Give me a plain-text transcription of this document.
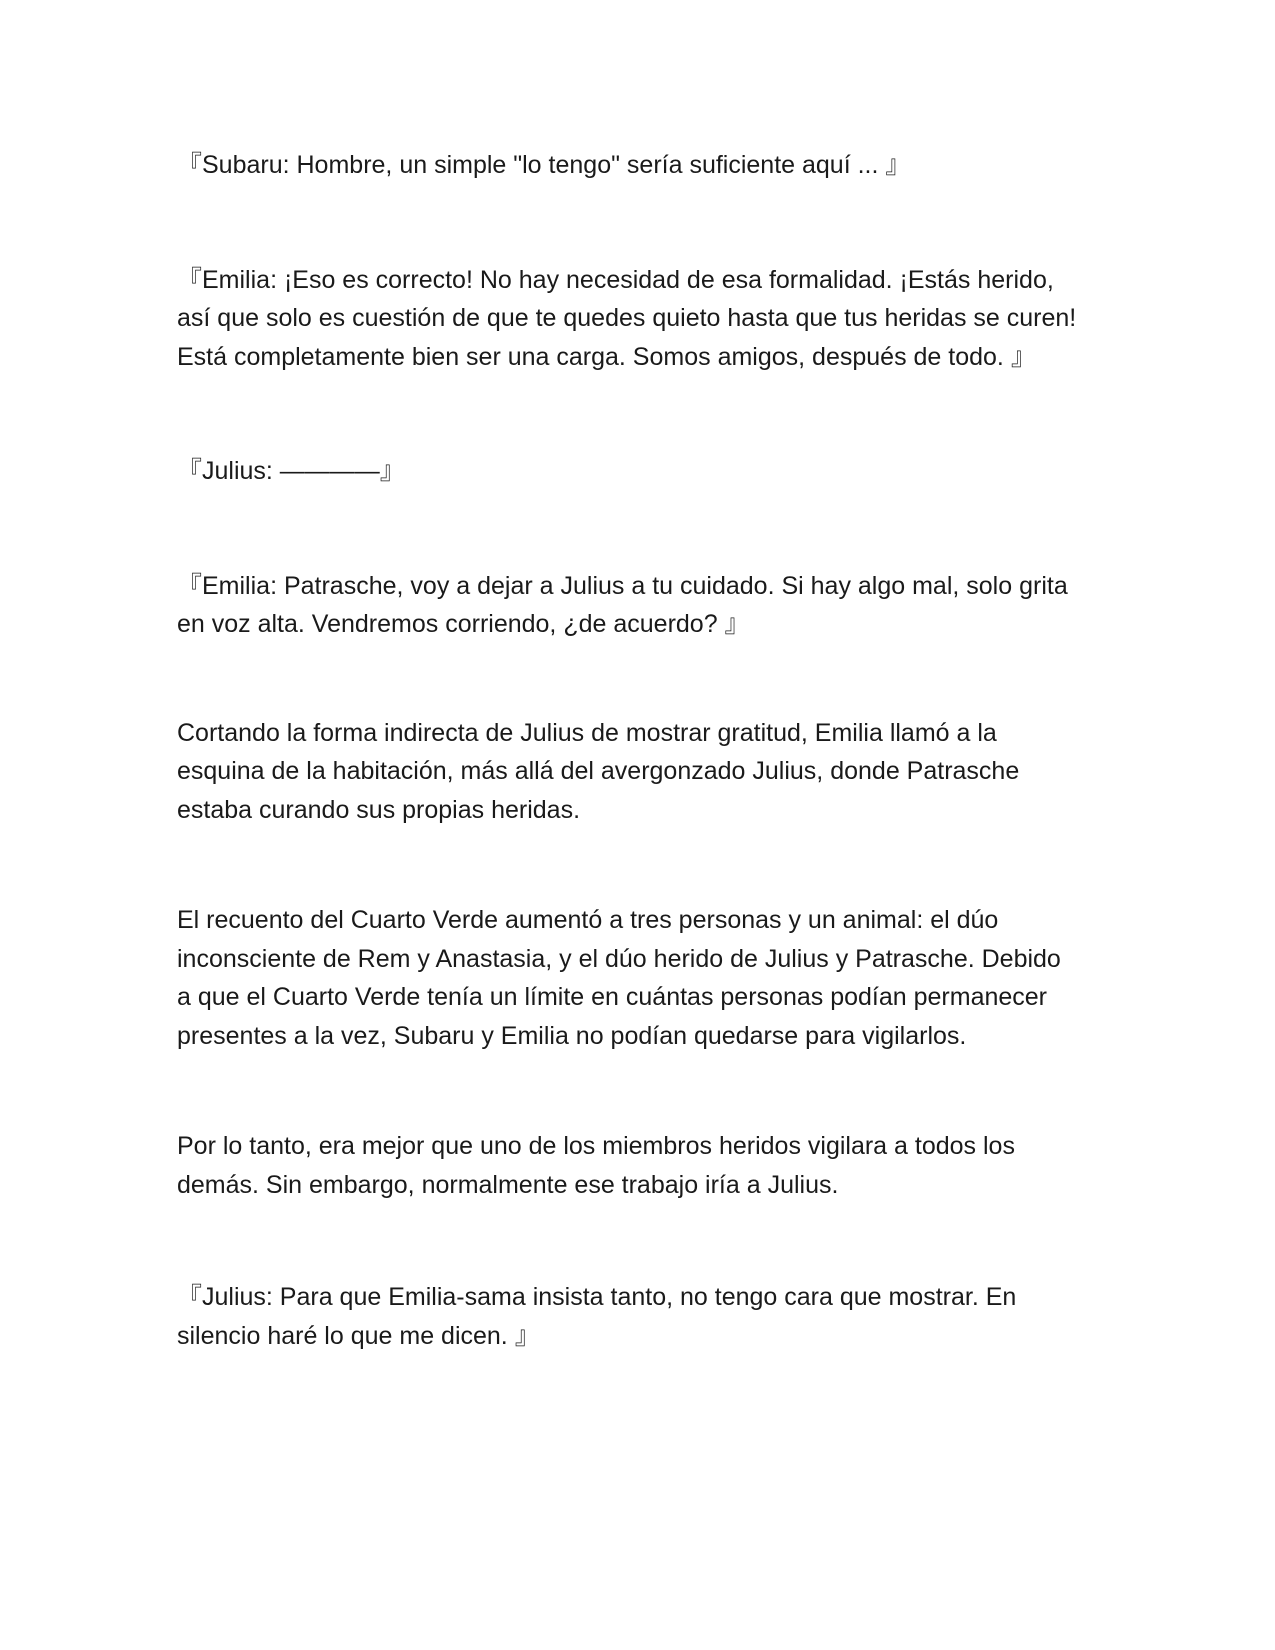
『Subaru: Hombre, un simple "lo tengo" sería suficiente aquí ... 』

『Emilia: ¡Eso es correcto! No hay necesidad de esa formalidad. ¡Estás herido, así que solo es cuestión de que te quedes quieto hasta que tus heridas se curen! Está completamente bien ser una carga. Somos amigos, después de todo. 』

『Julius: ————』

『Emilia: Patrasche, voy a dejar a Julius a tu cuidado. Si hay algo mal, solo grita en voz alta. Vendremos corriendo, ¿de acuerdo? 』

Cortando la forma indirecta de Julius de mostrar gratitud, Emilia llamó a la esquina de la habitación, más allá del avergonzado Julius, donde Patrasche estaba curando sus propias heridas.

El recuento del Cuarto Verde aumentó a tres personas y un animal: el dúo inconsciente de Rem y Anastasia, y el dúo herido de Julius y Patrasche. Debido a que el Cuarto Verde tenía un límite en cuántas personas podían permanecer presentes a la vez, Subaru y Emilia no podían quedarse para vigilarlos.

Por lo tanto, era mejor que uno de los miembros heridos vigilara a todos los demás. Sin embargo, normalmente ese trabajo iría a Julius.

『Julius: Para que Emilia-sama insista tanto, no tengo cara que mostrar. En silencio haré lo que me dicen. 』
